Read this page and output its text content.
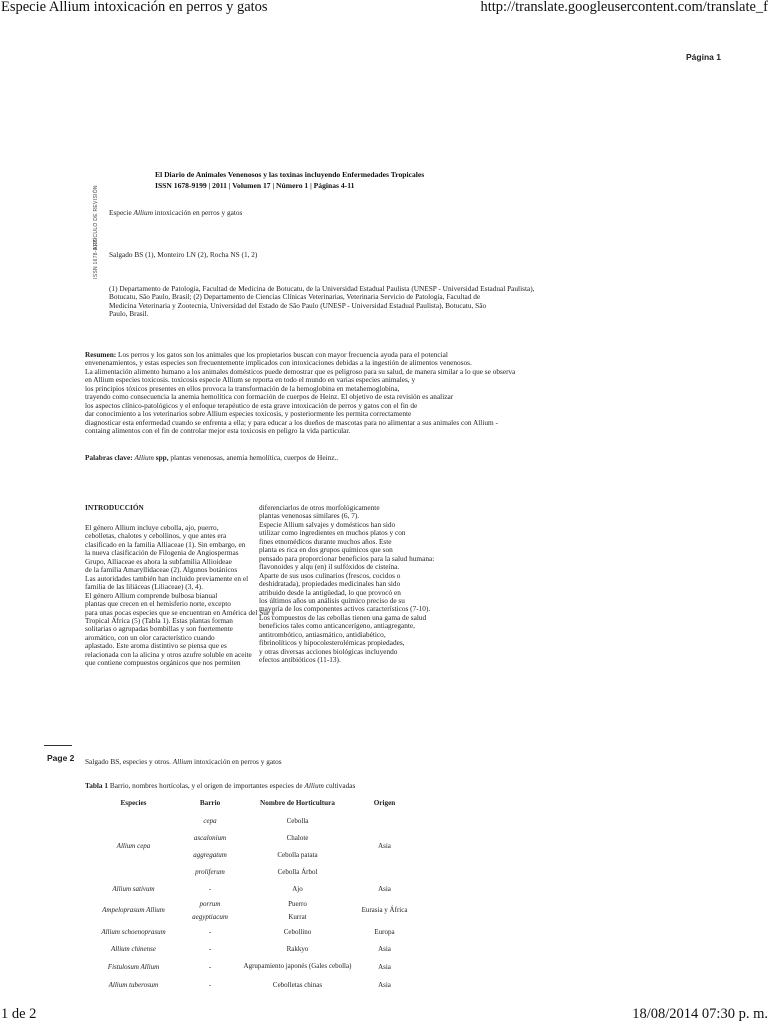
Especie Allium intoxicación en perros y gatos	http://translate.googleusercontent.com/translate_f
Página 1
El Diario de Animales Venenosos y las toxinas incluyendo Enfermedades Tropicales
ISSN 1678-9199 | 2011 | Volumen 17 | Número 1 | Páginas 4-11
Especie Allium intoxicación en perros y gatos
ARTÍCULO DE REVISIÓN
ISSN 1678-9199 Salgado BS (1), Monteiro LN (2), Rocha NS (1, 2)
(1) Departamento de Patología, Facultad de Medicina de Botucatu, de la Universidad Estadual Paulista (UNESP - Universidad Estadual Paulista),
Botucatu, São Paulo, Brasil; (2) Departamento de Ciencias Clínicas Veterinarias, Veterinaria Servicio de Patología, Facultad de
Medicina Veterinaria y Zootecnia, Universidad del Estado de São Paulo (UNESP - Universidad Estadual Paulista), Botucatu, São
Paulo, Brasil.
Resumen: Los perros y los gatos son los animales que los propietarios buscan con mayor frecuencia ayuda para el potencial
envenenamientos, y estas especies son frecuentemente implicados con intoxicaciones debidas a la ingestión de alimentos venenosos.
La alimentación alimento humano a los animales domésticos puede demostrar que es peligroso para su salud, de manera similar a lo que se observa
en Allium especies toxicosis. toxicosis especie Allium se reporta en todo el mundo en varias especies animales, y
los principios tóxicos presentes en ellos provoca la transformación de la hemoglobina en metahemoglobina,
trayendo como consecuencia la anemia hemolítica con formación de cuerpos de Heinz. El objetivo de esta revisión es analizar
los aspectos clínico-patológicos y el enfoque terapéutico de esta grave intoxicación de perros y gatos con el fin de
dar conocimiento a los veterinarios sobre Allium especies toxicosis, y posteriormente les permita correctamente
diagnosticar esta enfermedad cuando se enfrenta a ella; y para educar a los dueños de mascotas para no alimentar a sus animales con Allium -
containg alimentos con el fin de controlar mejor esta toxicosis en peligro la vida particular.
Palabras clave: Allium spp, plantas venenosas, anemia hemolítica, cuerpos de Heinz..
INTRODUCCIÓN

El género Allium incluye cebolla, ajo, puerro,

cebolletas, chalotes y cebollinos, y que antes era

clasificado en la familia Alliaceae (1). Sin embargo, en

la nueva clasificación de Filogenia de Angiospermas

Grupo, Alliaceae es ahora la subfamilia Allioideae

de la familia Amaryllidaceae (2). Algunos botánicos

Las autoridades también han incluido previamente en el

familia de las liliáceas (Liliaceae) (3, 4).

El género Allium comprende bulbosa bianual

plantas que crecen en el hemisferio norte, excepto

para unas pocas especies que se encuentran en América del Sur y

Tropical África (5) (Tabla 1). Estas plantas forman

solitarias o agrupadas bombillas y son fuertemente

aromático, con un olor característico cuando

aplastado. Este aroma distintivo se piensa que es

relacionada con la alicina y otros azufre soluble en aceite

que contiene compuestos orgánicos que nos permiten

diferenciarlos de otros morfológicamente

plantas venenosas similares (6, 7).

Especie Allium salvajes y domésticos han sido

utilizar como ingredientes en muchos platos y con

fines etnomédicos durante muchos años. Este

planta es rica en dos grupos químicos que son

pensado para proporcionar beneficios para la salud humana:

flavonoides y alqu (en) il sulfóxidos de cisteína.

Aparte de sus usos culinarios (frescos, cocidos o

deshidratada), propiedades medicinales han sido

atribuido desde la antigüedad, lo que provocó en

los últimos años un análisis químico preciso de su

mayoría de los componentes activos característicos (7-10).

Los compuestos de las cebollas tienen una gama de salud

beneficios tales como anticancerígeno, antiagregante,

antitrombótico, antiasmático, antidiabético,

fibrinolíticos y hipocolesterolémicas propiedades,

y otras diversas acciones biológicas incluyendo

efectos antibióticos (11-13).

Page 2 Salgado BS, especies y otros. Allium intoxicación en perros y gatos
Tabla 1 Barrio, nombres hortícolas, y el origen de importantes especies de Allium cultivadas
Especies	Barrio	Nombre de Horticultura	Origen
Allium cepa	cepa	Cebolla	Asia
	ascalonium	Chalote	
	aggregatum	Cebolla patata	
	proliferum	Cebolla Árbol	
Allium sativum	-	Ajo	Asia
Ampeloprasum Allium	porrum	Puerro	Eurasia y África
	aegyptiacum	Kurrat	
Allium schoenoprasum	-	Cebollino	Europa
Allium chinense	-	Rakkyo	Asia
Fistulosum Allium	-	Agrupamiento japonés (Gales cebolla)	Asia
Allium tuberosum	-	Cebolletas chinas	Asia
1 de 2	18/08/2014 07:30 p. m.
